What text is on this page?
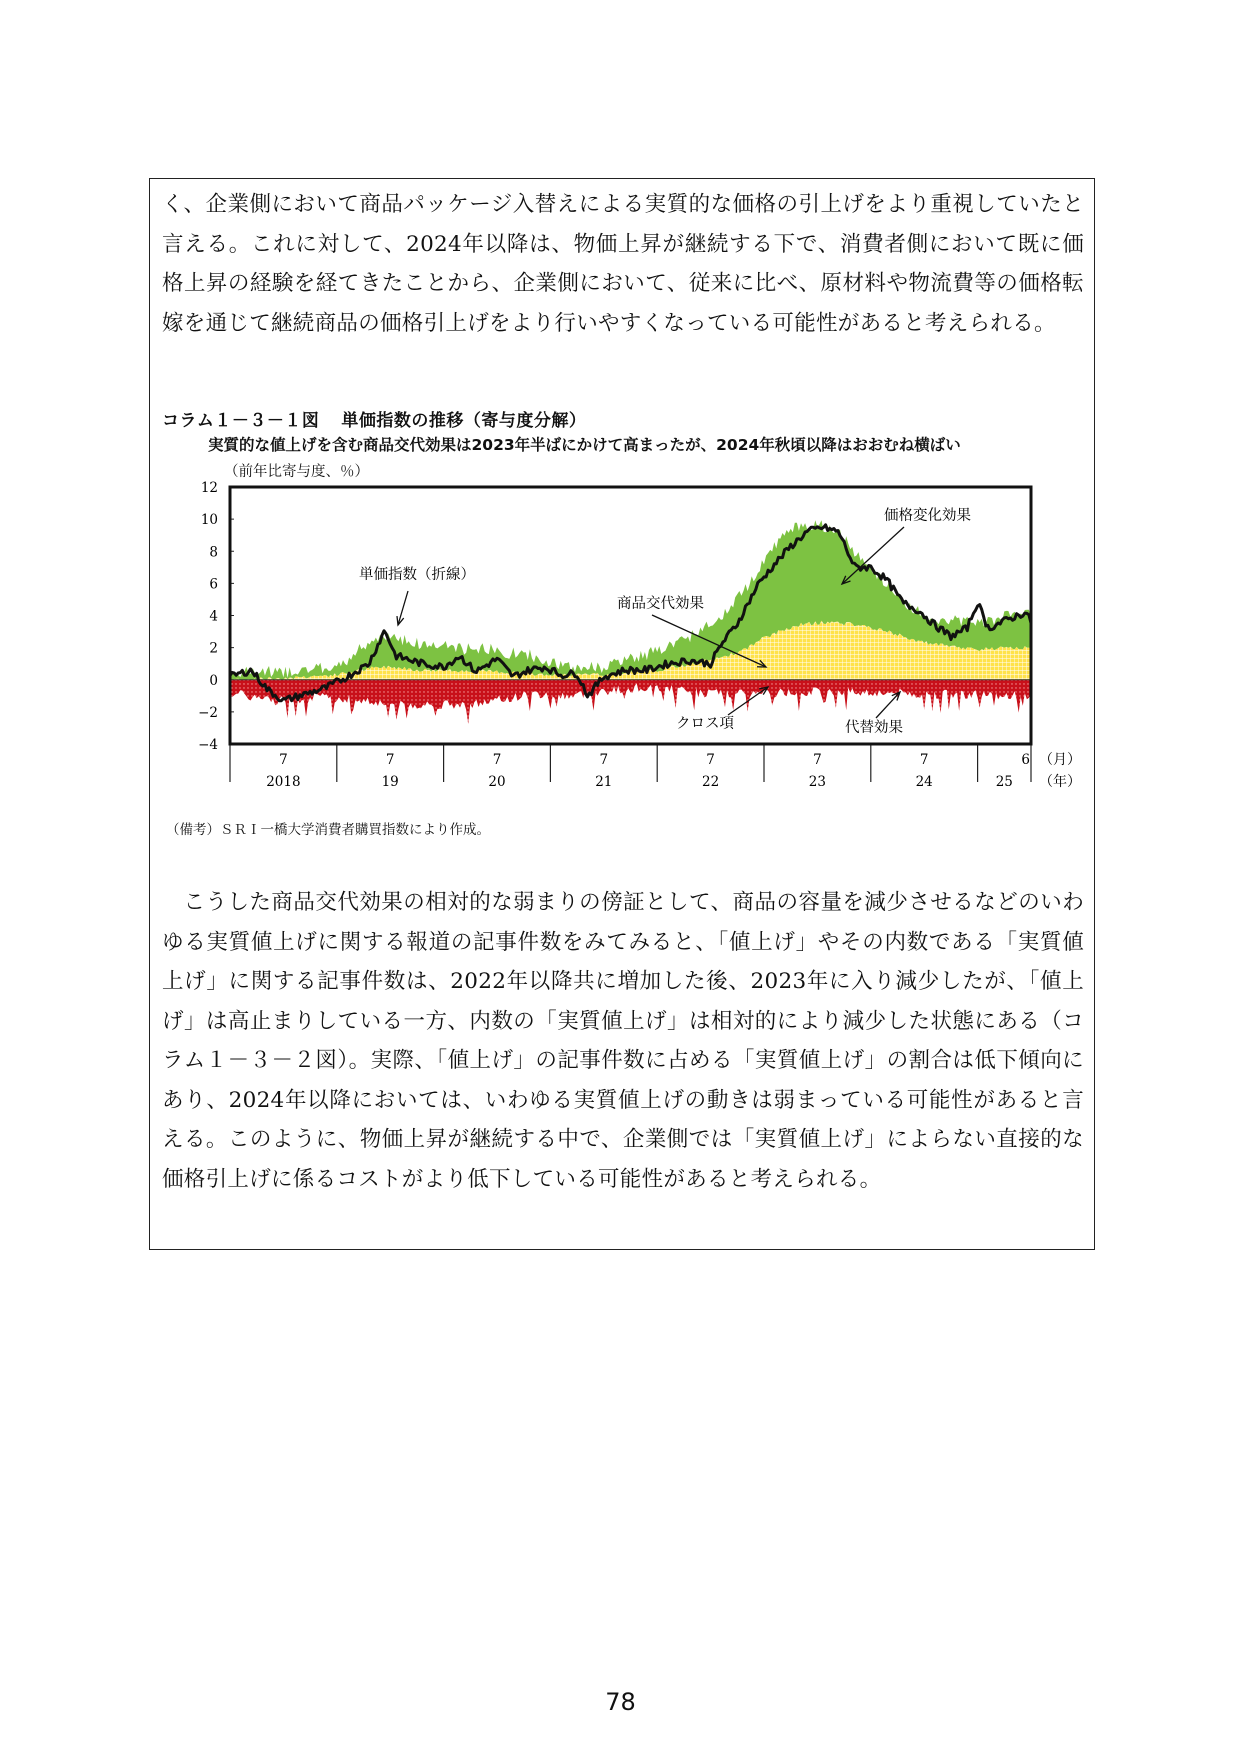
く、企業側において商品パッケージ入替えによる実質的な価格の引上げをより重視していたと言える。これに対して、2024年以降は、物価上昇が継続する下で、消費者側において既に価格上昇の経験を経てきたことから、企業側において、従来に比べ、原材料や物流費等の価格転嫁を通じて継続商品の価格引上げをより行いやすくなっている可能性があると考えられる。

コラム１－３－１図 単価指数の推移（寄与度分解）
実質的な値上げを含む商品交代効果は2023年半ばにかけて高まったが、2024年秋頃以降はおおむね横ばい
（前年比寄与度、％）
12
10
8
6
4
2
0
−2
−4
7
2018
7
19
7
20
7
21
7
22
7
23
7
24
6
25
（月）
（年）
価格変化効果
単価指数（折線）
商品交代効果
クロス項	代替効果
（備考）ＳＲＩ一橋大学消費者購買指数により作成。

こうした商品交代効果の相対的な弱まりの傍証として、商品の容量を減少させるなどのいわゆる実質値上げに関する報道の記事件数をみてみると、「値上げ」やその内数である「実質値上げ」に関する記事件数は、2022年以降共に増加した後、2023年に入り減少したが、「値上げ」は高止まりしている一方、内数の「実質値上げ」は相対的により減少した状態にある（コラム１－３－２図）。実際、「値上げ」の記事件数に占める「実質値上げ」の割合は低下傾向にあり、2024年以降においては、いわゆる実質値上げの動きは弱まっている可能性があると言える。このように、物価上昇が継続する中で、企業側では「実質値上げ」によらない直接的な価格引上げに係るコストがより低下している可能性があると考えられる。

78
